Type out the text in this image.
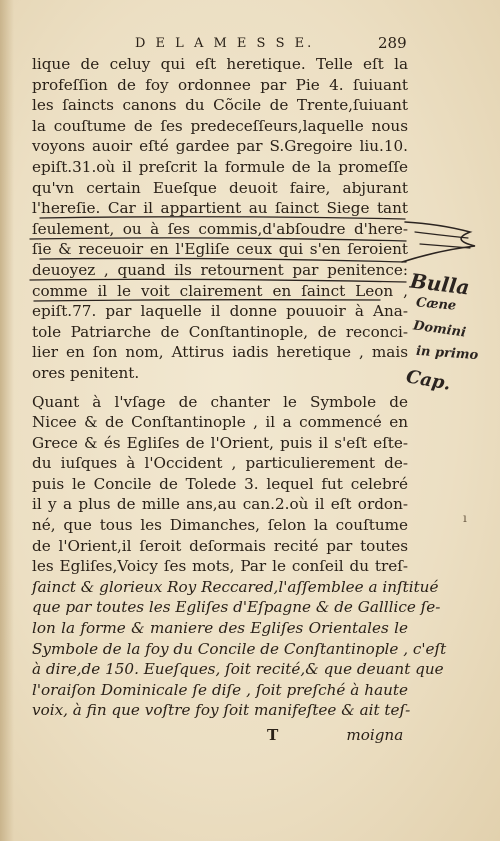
D E L A M E S S E.	289
lique de celuy qui eſt heretique. Telle eſt la
profeſſion de foy ordonnee par Pie 4. ſuiuant
les ſaincts canons du Cõcile de Trente,ſuiuant
la couſtume de ſes predeceſſeurs,laquelle nous
voyons auoir eſté gardee par S.Gregoire liu.10.
epiſt.31.où il preſcrit la formule de la promeſſe
qu'vn certain Eueſque deuoit faire, abjurant
l'hereſie. Car il appartient au ſainct Siege tant
ſeulement, ou à ſes commis,d'abſoudre d'here-
ſie & receuoir en l'Egliſe ceux qui s'en ſeroient
deuoyez , quand ils retournent par penitence:
comme il le voit clairement en ſainct Leon ,
epiſt.77. par laquelle il donne pouuoir à Ana-
tole Patriarche de Conſtantinople, de reconci-
lier en ſon nom, Attirus iadis heretique , mais
ores penitent.
Quant à l'vſage de chanter le Symbole de
Nicee & de Conſtantinople , il a commencé en
Grece & és Egliſes de l'Orient, puis il s'eſt eſte-
du iuſques à l'Occident , particulierement de-
puis le Concile de Tolede 3. lequel fut celebré
il y a plus de mille ans,au can.2.où il eſt ordon-
né, que tous les Dimanches, ſelon la couſtume
de l'Orient,il ſeroit deſormais recité par toutes
les Egliſes,Voicy ſes mots, Par le conſeil du treſ-
ſainct & glorieux Roy Reccared,l'aſſemblee a inſtitué
que par toutes les Egliſes d'Eſpagne & de Galllice ſe-
lon la forme & maniere des Egliſes Orientales le
Symbole de la foy du Concile de Conſtantinople , c'eſt
à dire,de 150. Eueſques, ſoit recité,& que deuant que
l'oraiſon Dominicale ſe diſe , ſoit preſché à haute
voix, à fin que voſtre foy ſoit manifeſtee & ait teſ-
T	moigna
Bulla
Cæne
Domini
in primo
Cap.
ı
